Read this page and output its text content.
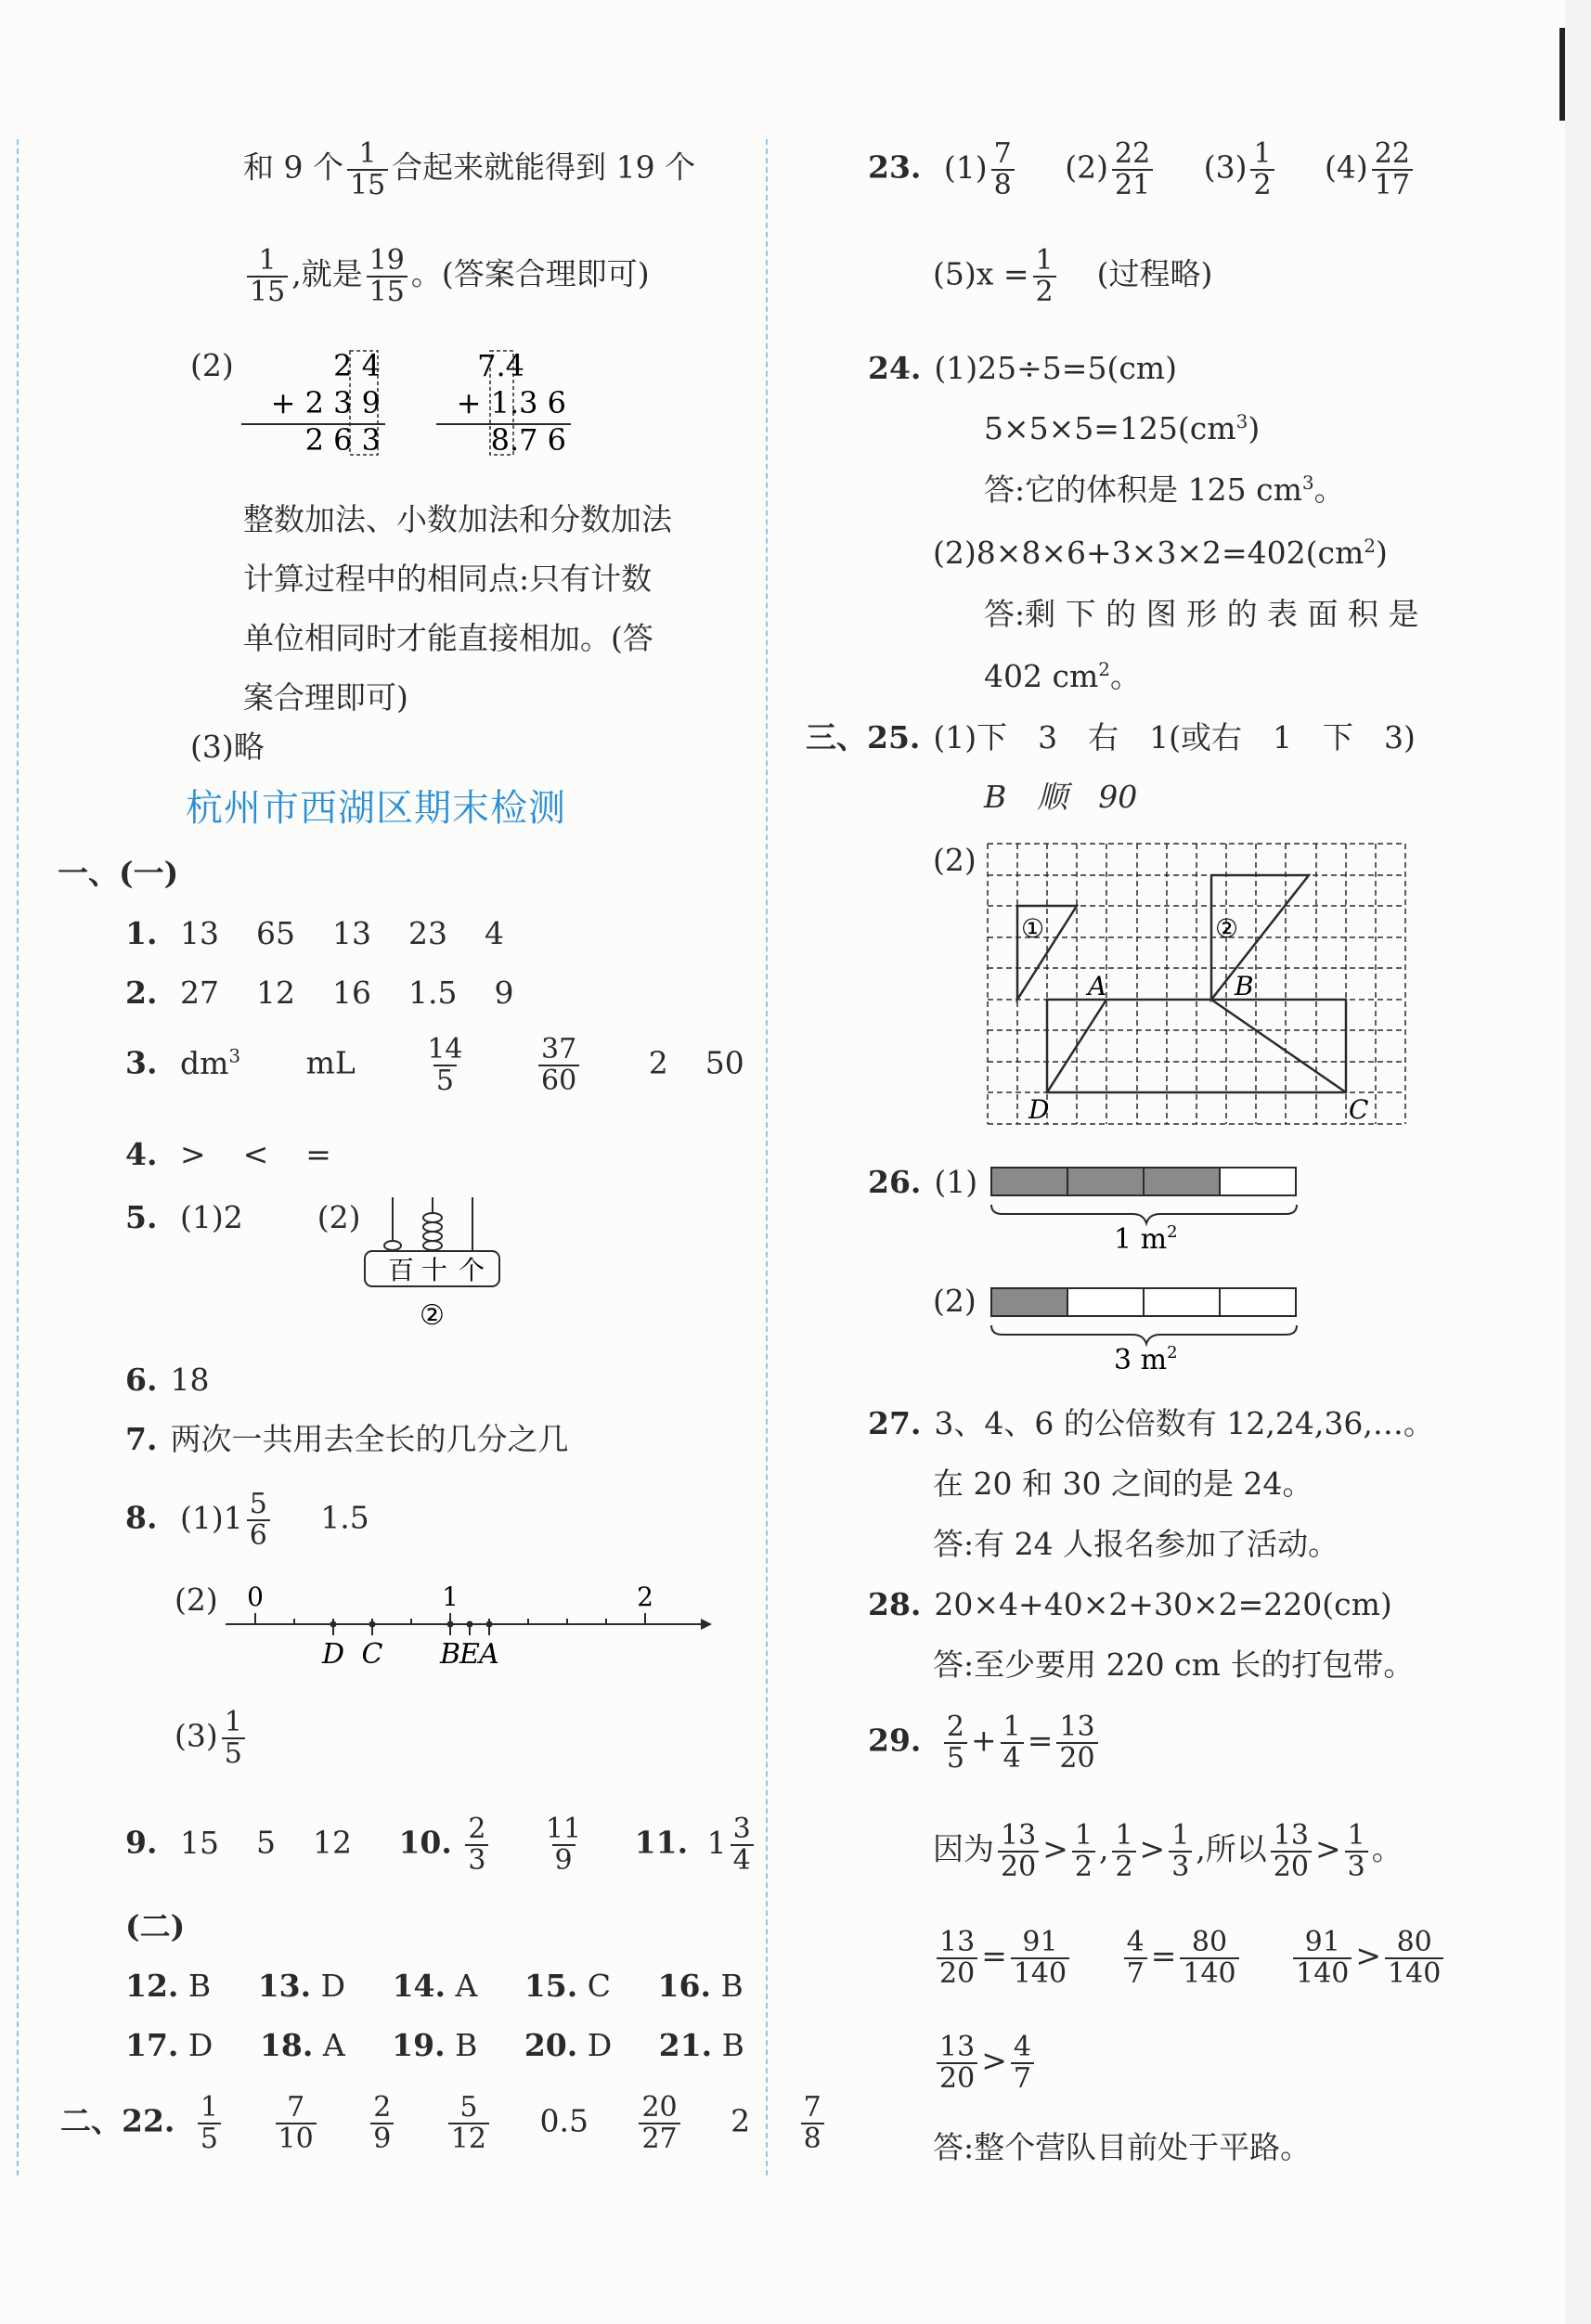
和 9 个 $\frac{1}{15}$ 合起来就能得到 19 个
$\frac{1}{15}$ ,就是 $\frac{19}{15}$ 。(答案合理即可)
(2)	2 4
+ 2 3 9
2 6 3
7.4
+ 1.3 6
8.7 6
整数加法、小数加法和分数加法
计算过程中的相同点:只有计数
单位相同时才能直接相加。(答
案合理即可)
(3)略
杭州市西湖区期末检测
一、(一)
1. 13 65 13 23 4
2. 27 12 16 1.5 9
3. $dm^3$ mL $\frac{14}{5}$
	$\frac{37}{60} 2$ 50
4. > < =
5. (1)2 (2)
百 十 个
②
6. 18
7. 两次一共用去全长的几分之几
8. $(1)1 \frac{5}{6} 1.5$
(2) 0	1	2
D C B E A
$(3) \frac{1}{5}$
9. 15 5 12 10. $\frac{2}{3}$
$\frac{11}{9} 11$. $1 \frac{3}{4}$
(二)
12. B 13. D 14. A 15. C 16. B
17. D 18. A 19. B 20. D 21. B
二、22. $\frac{1}{5}$
$\frac{7}{10}$
$\frac{2}{9}$
$\frac{5}{12} 0.5 \frac{20}{27} 2 \frac{7}{8}$
23. $(1) \frac{7}{8} (2) \frac{22}{21} (3) \frac{1}{2} (4) \frac{22}{17}$
$(5)x = \frac{1}{2}$ (过程略)
24. (1)25÷5=5(cm)
$5\times 5\times 5=125(cm^3)$
答:它的体积是 125 $cm^3$。
$(2)8\times 8\times 6+3\times 3\times 2=402(cm^2)$
答:剩 下 的 图 形 的 表 面 积 是
402 $cm^2$。
三、25. (1)下　3　右　1(或右　1　下　3)
B　顺　90
(2)
①	②
A	B
D	C
26. (1)
1 $m^2$
(2)
3 $m^2$
27. 3、4、6 的公倍数有 12,24,36,…。
在 20 和 30 之间的是 24。
答:有 24 人报名参加了活动。
28. 20×4+40×2+30×2=220(cm)
答:至少要用 220 cm 长的打包带。
29. $\frac{2}{5} + \frac{1}{4} = \frac{13}{20}$
因为 $\frac{13}{20} > \frac{1}{2}$ , $\frac{1}{2} > \frac{1}{3}$ ,所以 $\frac{13}{20} > \frac{1}{3}$ 。
$\frac{13}{20} = \frac{91}{140}$
$\frac{4}{7} = \frac{80}{140}$
$\frac{91}{140} > \frac{80}{140}$
$\frac{13}{20} > \frac{4}{7}$
答:整个营队目前处于平路。
